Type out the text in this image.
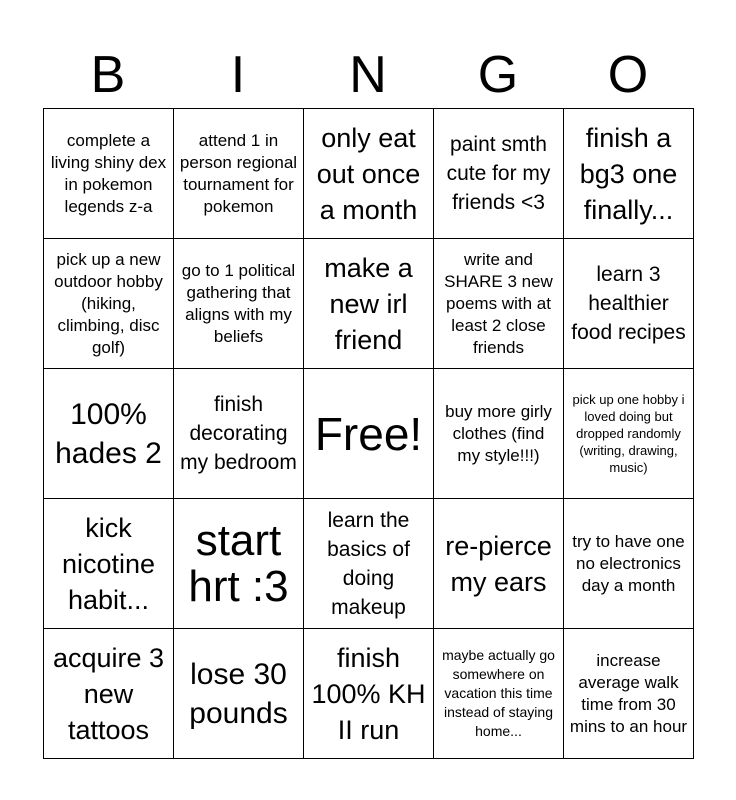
B	I	N	G	O
complete a living shiny dex in pokemon legends z-a
attend 1 in person regional tournament for pokemon
only eat out once a month
paint smth cute for my friends <3
finish a bg3 one finally...
pick up a new outdoor hobby (hiking, climbing, disc golf)
go to 1 political gathering that aligns with my beliefs
make a new irl friend
write and SHARE 3 new poems with at least 2 close friends
learn 3 healthier food recipes
100% hades 2
finish decorating my bedroom
Free!	buy more girly clothes (find my style!!!)
pick up one hobby i loved doing but dropped randomly (writing, drawing, music)
kick nicotine habit...
start hrt :3
learn the basics of doing makeup
re-pierce my ears
try to have one no electronics day a month
acquire 3 new tattoos
lose 30 pounds
finish 100% KH II run
maybe actually go somewhere on vacation this time instead of staying home...
increase average walk time from 30 mins to an hour
